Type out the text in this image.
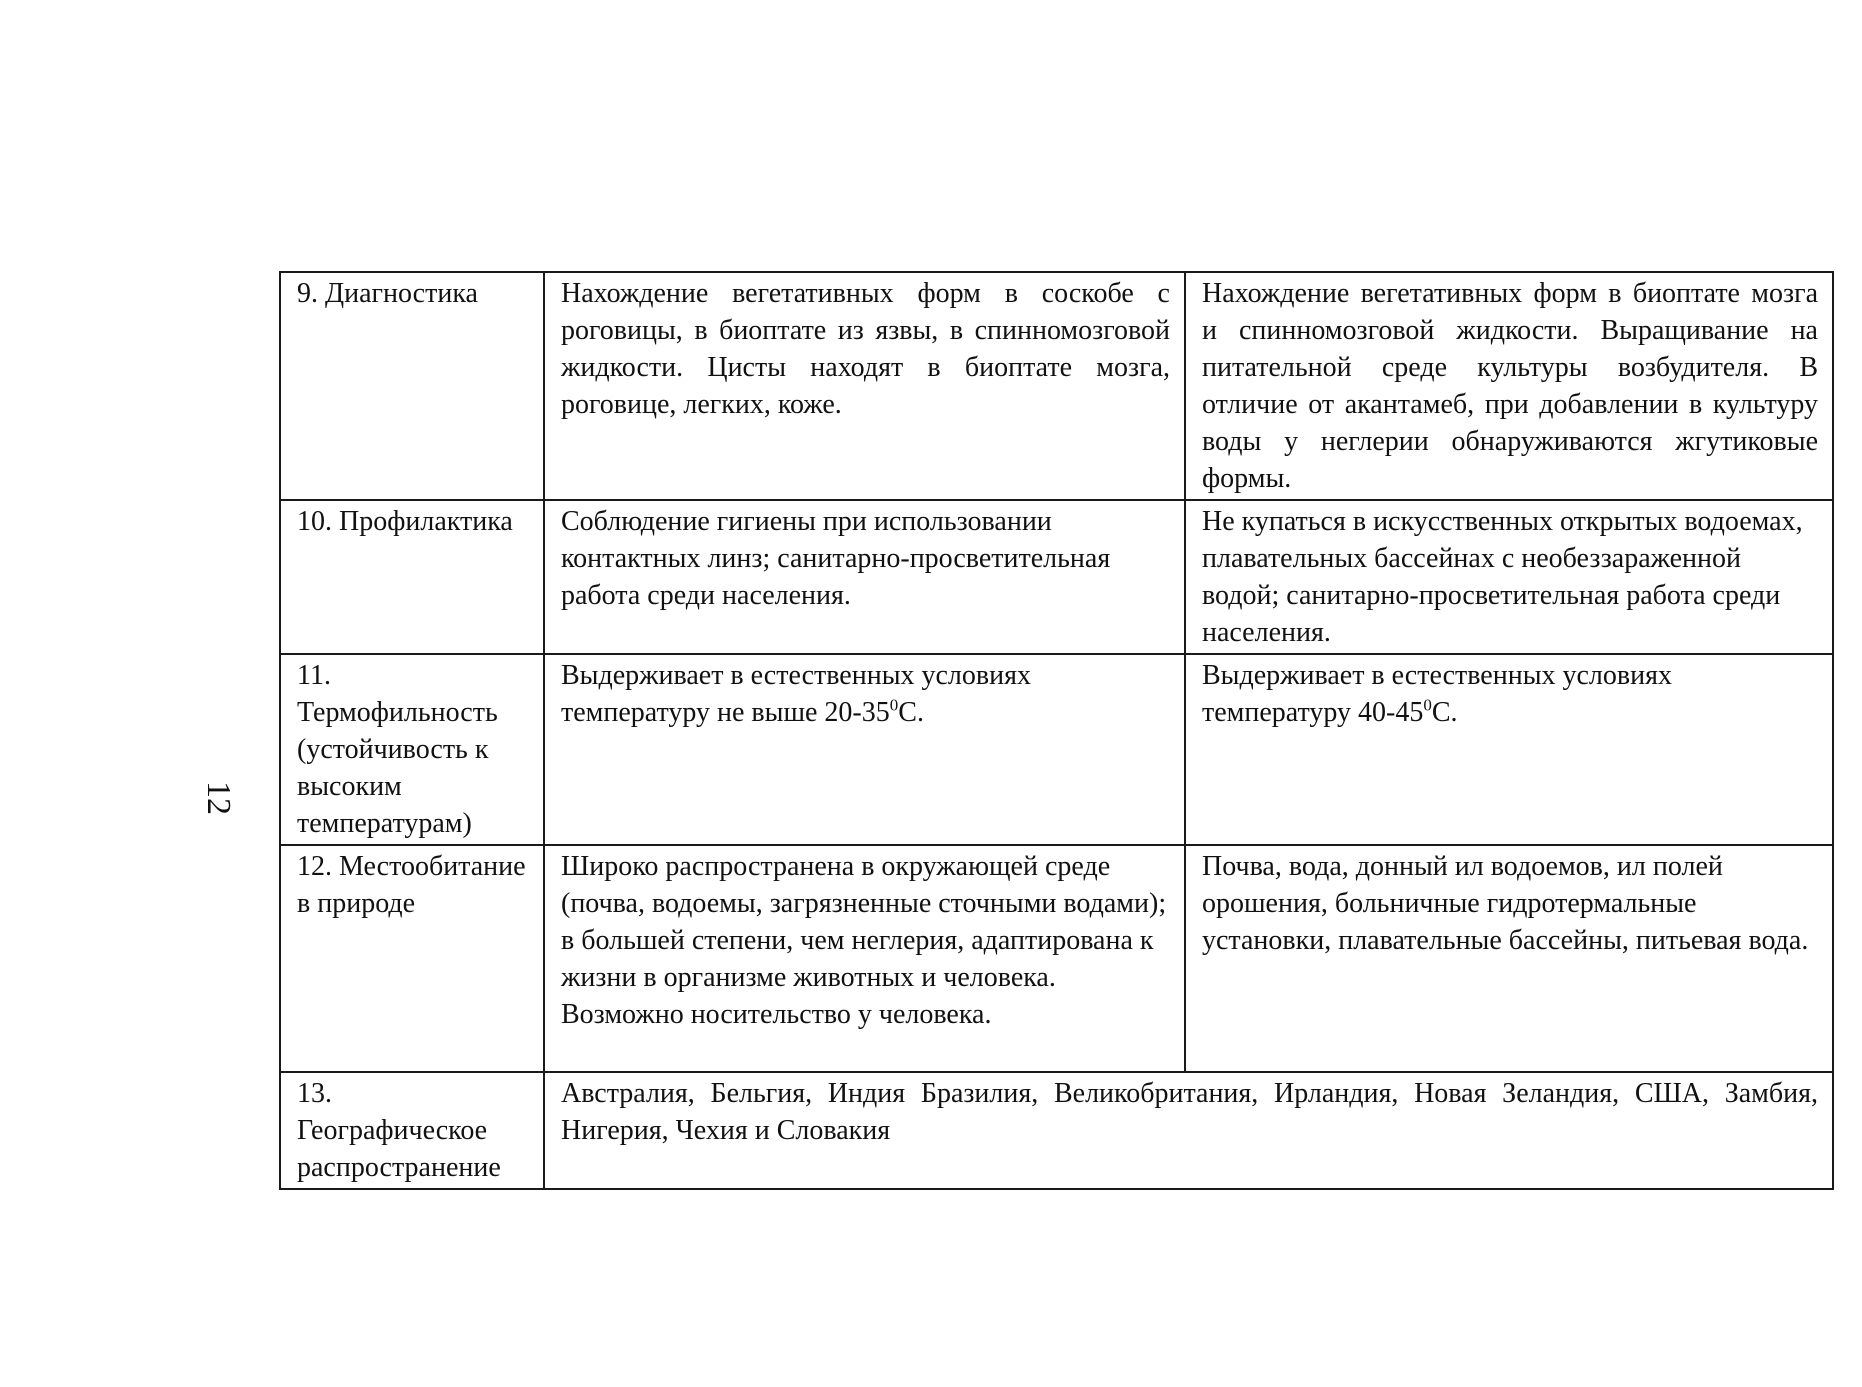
12
9. Диагностика	Нахождение вегетативных форм в соскобе с роговицы, в биоптате из язвы, в спинномозговой жидкости. Цисты находят в биоптате мозга, роговице, легких, коже.	Нахождение вегетативных форм в биоптате мозга и спинномозговой жидкости. Выращивание на питательной среде культуры возбудителя. В отличие от акантамеб, при добавлении в культуру воды у неглерии обнаруживаются жгутиковые формы.
10. Профилактика	Соблюдение гигиены при использовании контактных линз; санитарно-просветительная работа среди населения.	Не купаться в искусственных открытых водоемах, плавательных бассейнах с необеззараженной водой; санитарно-просветительная работа среди населения.
11. Термофильность (устойчивость к высоким температурам)	Выдерживает в естественных условиях температуру не выше $20-35^0С$.	Выдерживает в естественных условиях температуру $40-45^0С$.
12. Местообитание в природе	Широко распространена в окружающей среде (почва, водоемы, загрязненные сточными водами); в большей степени, чем неглерия, адаптирована к жизни в организме животных и человека. Возможно носительство у человека.	Почва, вода, донный ил водоемов, ил полей орошения, больничные гидротермальные установки, плавательные бассейны, питьевая вода.
13. Географическое распространение	Австралия, Бельгия, Индия Бразилия, Великобритания, Ирландия, Новая Зеландия, США, Замбия, Нигерия, Чехия и Словакия	
